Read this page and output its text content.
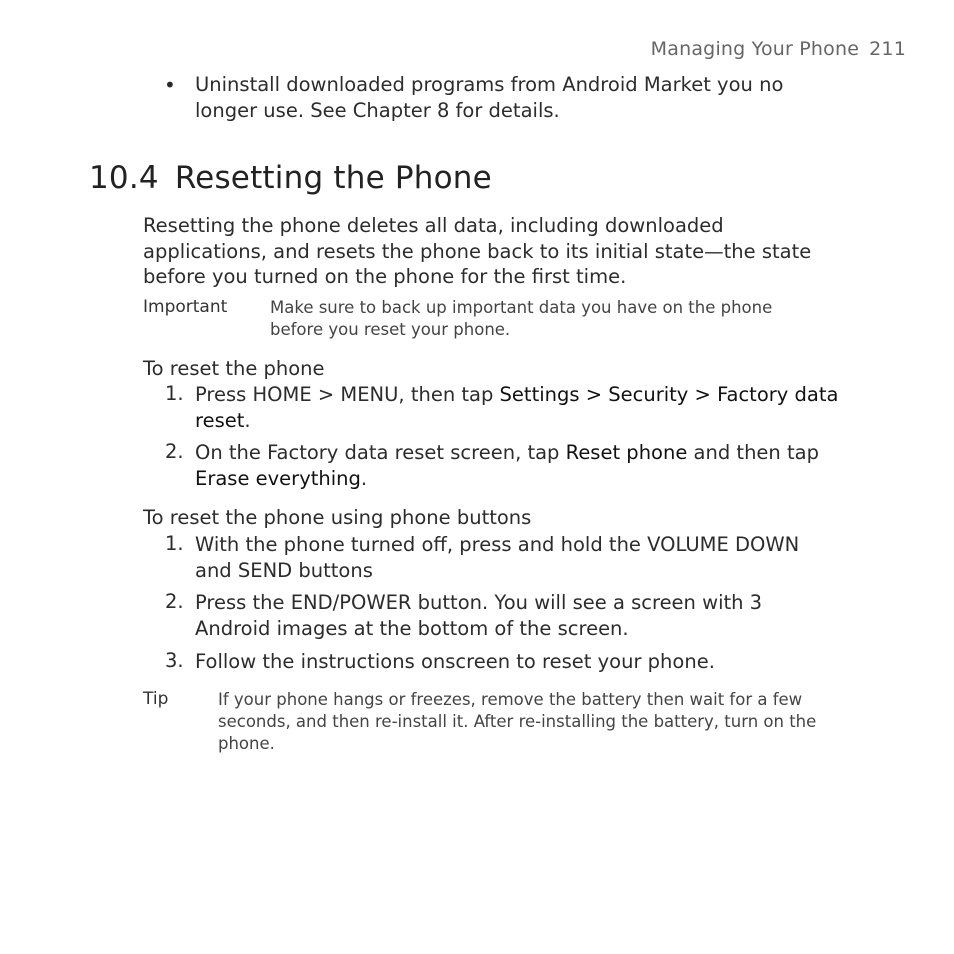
Managing Your Phone 211
• Uninstall downloaded programs from Android Market you no
longer use. See Chapter 8 for details.
10.4 Resetting the Phone
Resetting the phone deletes all data, including downloaded
applications, and resets the phone back to its initial state—the state
before you turned on the phone for the first time.
Important	Make sure to back up important data you have on the phone
before you reset your phone.
To reset the phone
1. Press HOME > MENU, then tap Settings > Security > Factory data
reset.
2. On the Factory data reset screen, tap Reset phone and then tap
Erase everything.
To reset the phone using phone buttons
1. With the phone turned off, press and hold the VOLUME DOWN
and SEND buttons
2. Press the END/POWER button. You will see a screen with 3
Android images at the bottom of the screen.
3. Follow the instructions onscreen to reset your phone.
Tip	If your phone hangs or freezes, remove the battery then wait for a few
seconds, and then re-install it. After re-installing the battery, turn on the
phone.
